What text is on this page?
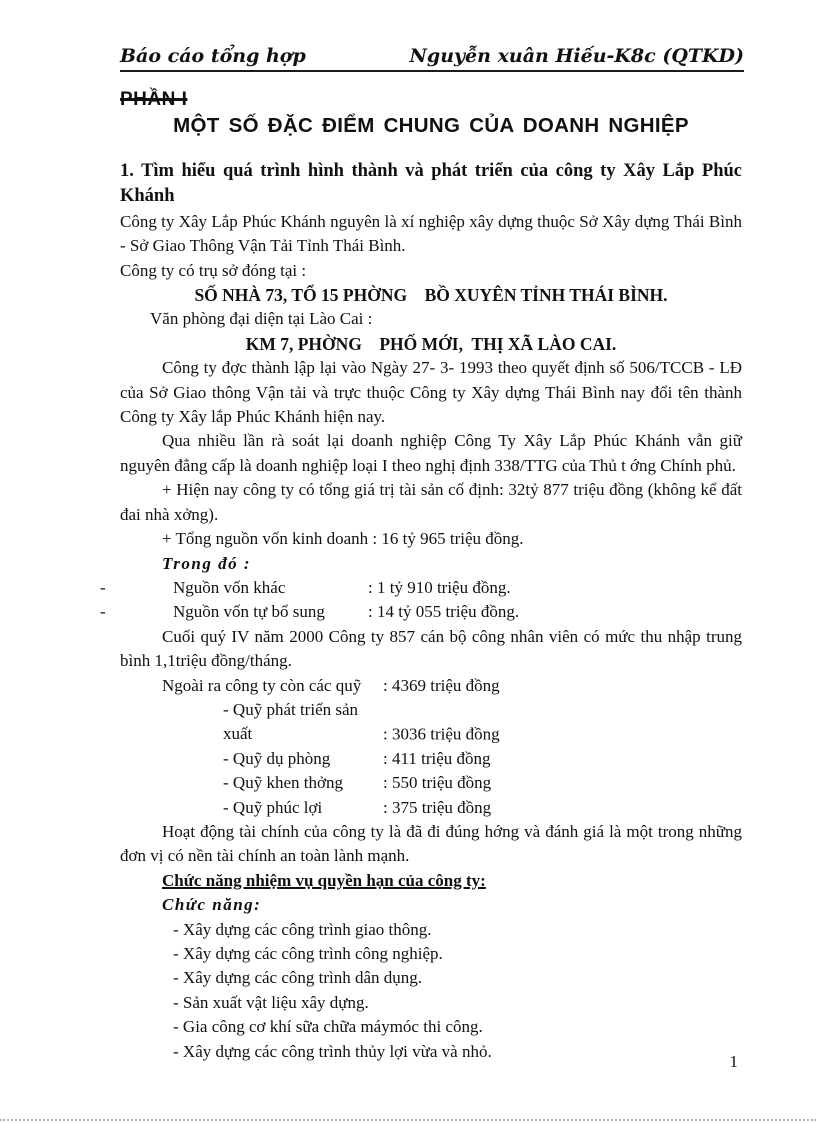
Báo cáo tổng hợp	Nguyễn xuân Hiếu-K8c (QTKD)
PHẦN I
MỘT SỐ ĐẶC ĐIỂM CHUNG CỦA DOANH NGHIỆP
1. Tìm hiểu quá trình hình thành và phát triển của công ty Xây Lắp Phúc Khánh
Công ty Xây Lắp Phúc Khánh nguyên là xí nghiệp xây dựng thuộc Sở Xây dựng Thái Bình - Sở Giao Thông Vận Tải Tỉnh Thái Bình.
Công ty có trụ sở đóng tại :
SỐ NHÀ 73, TỔ 15 PHỜNG    BỒ XUYÊN TỈNH THÁI BÌNH.
Văn phòng đại diện tại Lào Cai :
KM 7, PHỜNG    PHỐ MỚI,  THỊ XÃ LÀO CAI.
Công ty đợc thành lập lại vào Ngày 27- 3- 1993 theo quyết định số 506/TCCB - LĐ của Sở Giao thông Vận tải và trực thuộc Công ty Xây dựng Thái Bình nay đổi tên thành Công ty Xây lắp Phúc Khánh hiện nay.
Qua nhiều lần rà soát lại doanh nghiệp Công Ty Xây Lắp Phúc Khánh vẫn giữ nguyên đẳng cấp là doanh nghiệp loại I theo nghị định 338/TTG của Thủ t ớng Chính phủ.
+ Hiện nay công ty có tổng giá trị tài sản cố định: 32tỷ 877 triệu đồng (không kể đất đai nhà xởng).
+ Tổng nguồn vốn kinh doanh : 16 tỷ 965 triệu đồng.
Trong đó :
-	Nguồn vốn khác	: 1 tỷ 910 triệu đồng.
-	Nguồn vốn tự bổ sung	: 14 tỷ 055 triệu đồng.
Cuối quý IV năm 2000 Công ty 857 cán bộ công nhân viên có mức thu nhập trung bình 1,1triệu đồng/tháng.
Ngoài ra công ty còn các quỹ : 4369 triệu đồng
- Quỹ phát triển sản xuất	: 3036 triệu đồng
- Quỹ dụ phòng	: 411 triệu đồng
- Quỹ khen thởng : 550 triệu đồng
- Quỹ phúc lợi	: 375 triệu đồng
Hoạt động tài chính của công ty là đã đi đúng hớng và đánh giá là một trong những đơn vị có nền tài chính an toàn lành mạnh.
Chức năng nhiệm vụ quyền hạn của công ty:
Chức năng:
- Xây dựng các công trình giao thông.
- Xây dựng các công trình công nghiệp.
- Xây dựng các công trình dân dụng.
- Sản xuất vật liệu xây dựng.
- Gia công cơ khí sữa chữa máymóc thi công.
- Xây dựng các công trình thủy lợi vừa và nhỏ.
1
